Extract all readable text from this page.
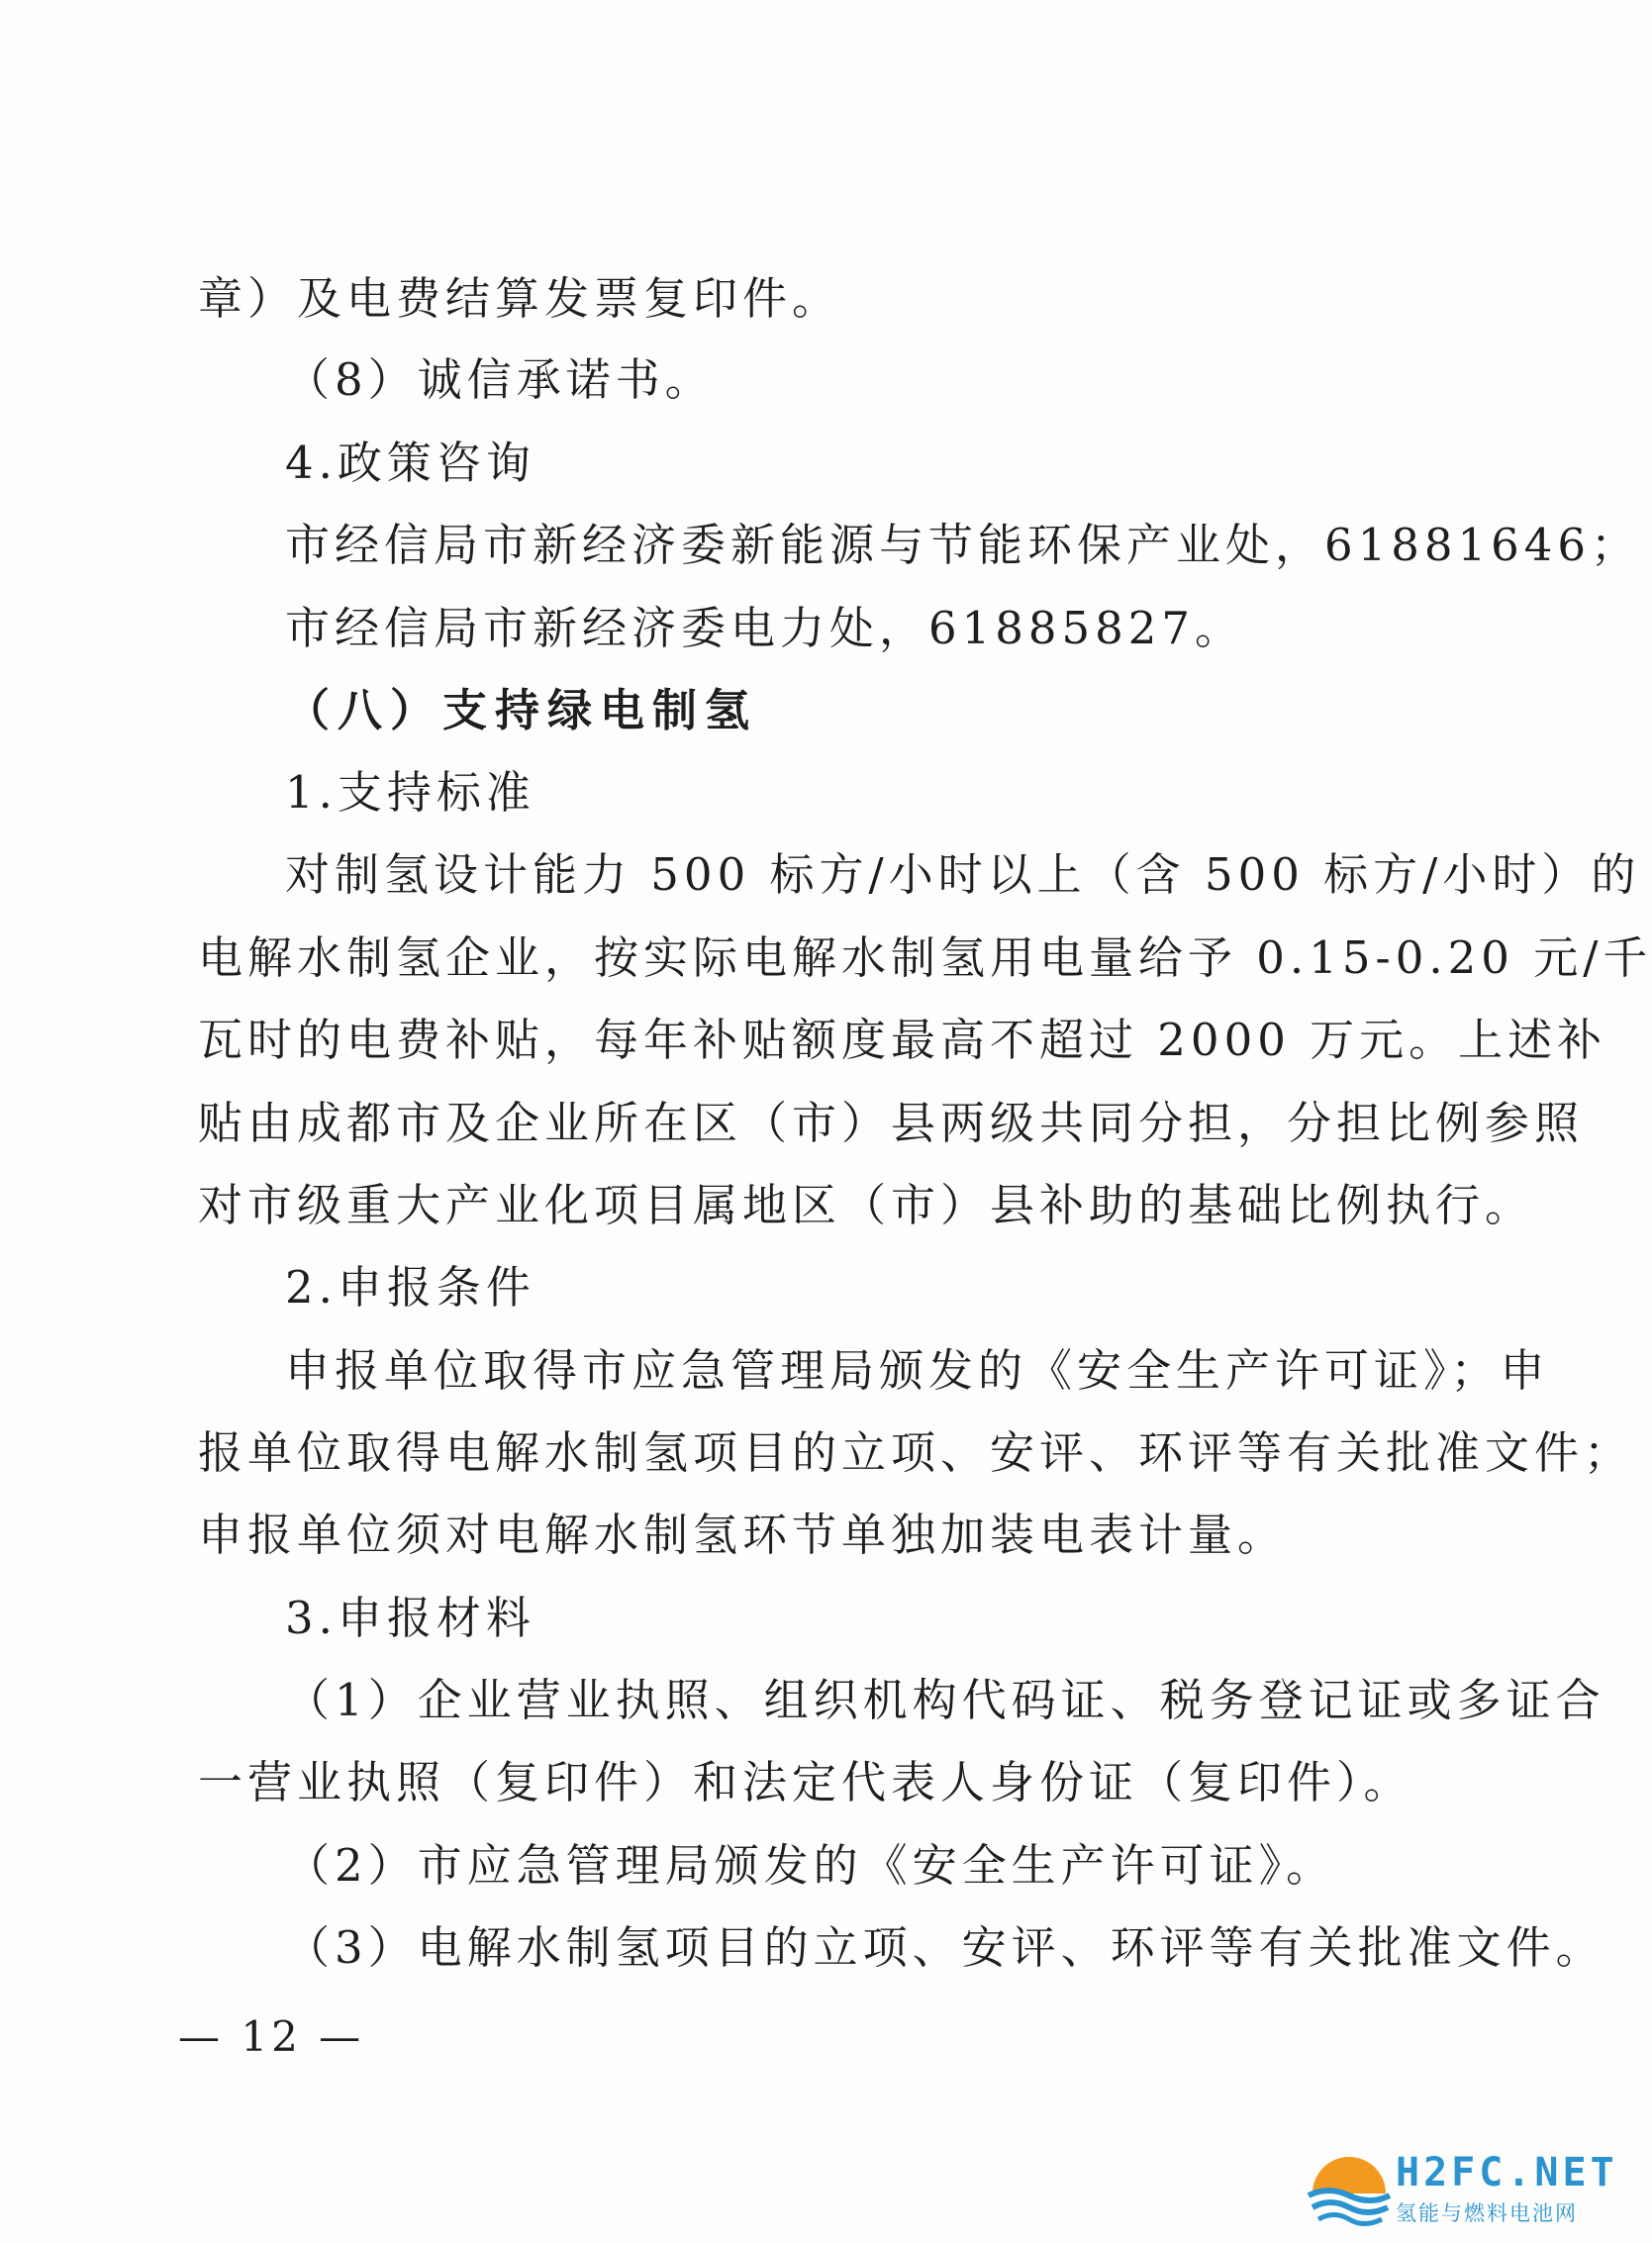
章）及电费结算发票复印件。
（8）诚信承诺书。
4.政策咨询
市经信局市新经济委新能源与节能环保产业处，61881646；
市经信局市新经济委电力处，61885827。
（八）支持绿电制氢
1.支持标准
对制氢设计能力 500 标方/小时以上（含 500 标方/小时）的
电解水制氢企业，按实际电解水制氢用电量给予 0.15-0.20 元/千
瓦时的电费补贴，每年补贴额度最高不超过 2000 万元。上述补
贴由成都市及企业所在区（市）县两级共同分担，分担比例参照
对市级重大产业化项目属地区（市）县补助的基础比例执行。
2.申报条件
申报单位取得市应急管理局颁发的《安全生产许可证》；申
报单位取得电解水制氢项目的立项、安评、环评等有关批准文件；
申报单位须对电解水制氢环节单独加装电表计量。
3.申报材料
（1）企业营业执照、组织机构代码证、税务登记证或多证合
一营业执照（复印件）和法定代表人身份证（复印件）。
（2）市应急管理局颁发的《安全生产许可证》。
（3）电解水制氢项目的立项、安评、环评等有关批准文件。
— 12 —
H2FC.NET
氢能与燃料电池网
